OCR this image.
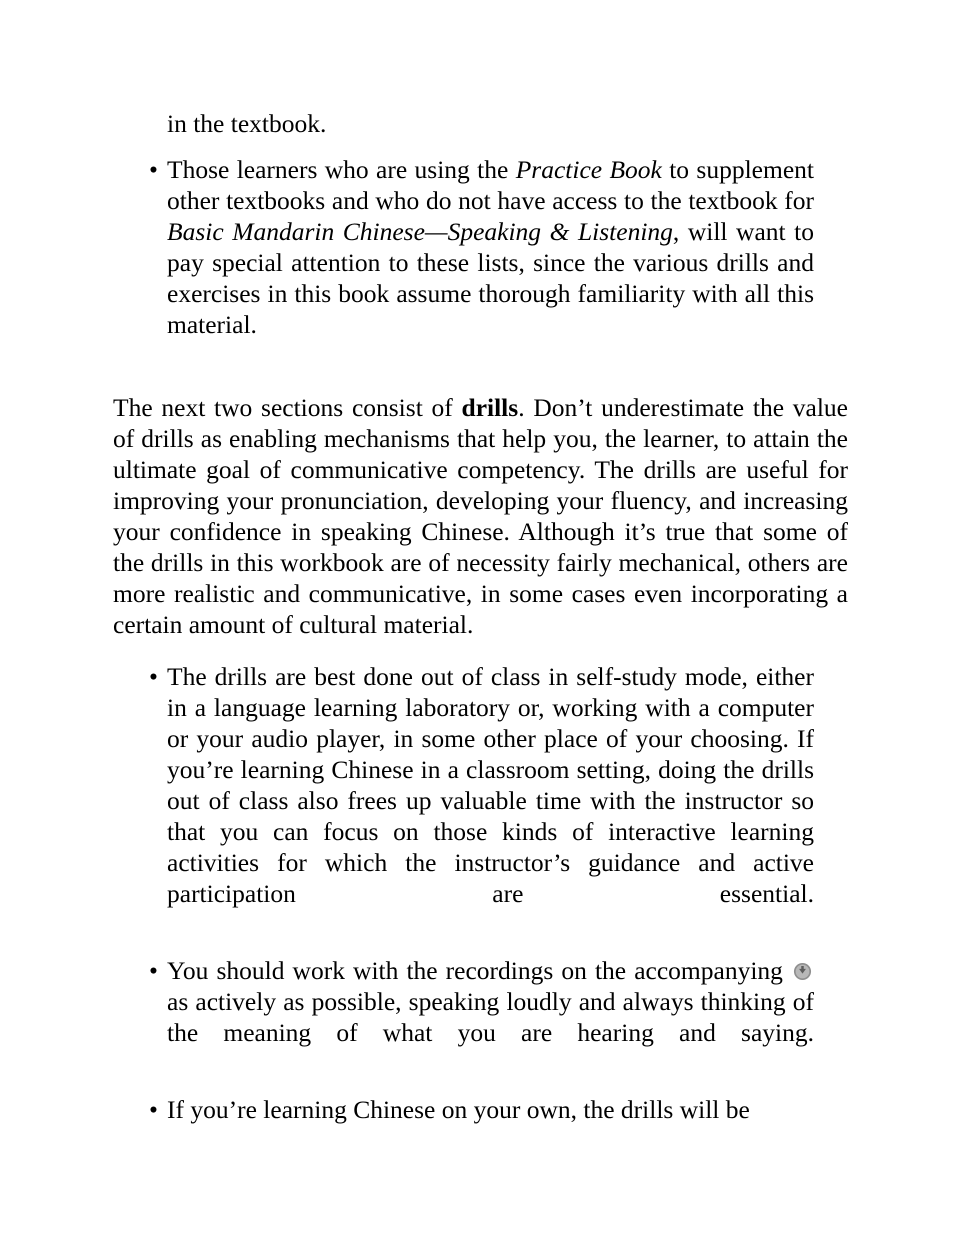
in the textbook.

• Those learners who are using the Practice Book to supplement other textbooks and who do not have access to the textbook for Basic Mandarin Chinese—Speaking & Listening, will want to pay special attention to these lists, since the various drills and exercises in this book assume thorough familiarity with all this material.

The next two sections consist of drills. Don’t underestimate the value of drills as enabling mechanisms that help you, the learner, to attain the ultimate goal of communicative competency. The drills are useful for improving your pronunciation, developing your fluency, and increasing your confidence in speaking Chinese. Although it’s true that some of the drills in this workbook are of necessity fairly mechanical, others are more realistic and communicative, in some cases even incorporating a certain amount of cultural material.

• The drills are best done out of class in self-study mode, either in a language learning laboratory or, working with a computer or your audio player, in some other place of your choosing. If you’re learning Chinese in a classroom setting, doing the drills out of class also frees up valuable time with the instructor so that you can focus on those kinds of interactive learning activities for which the instructor’s guidance and active participation are essential.
• You should work with the recordings on the accompanying
as actively as possible, speaking loudly and always thinking of the meaning of what you are hearing and saying.
• If you’re learning Chinese on your own, the drills will be
